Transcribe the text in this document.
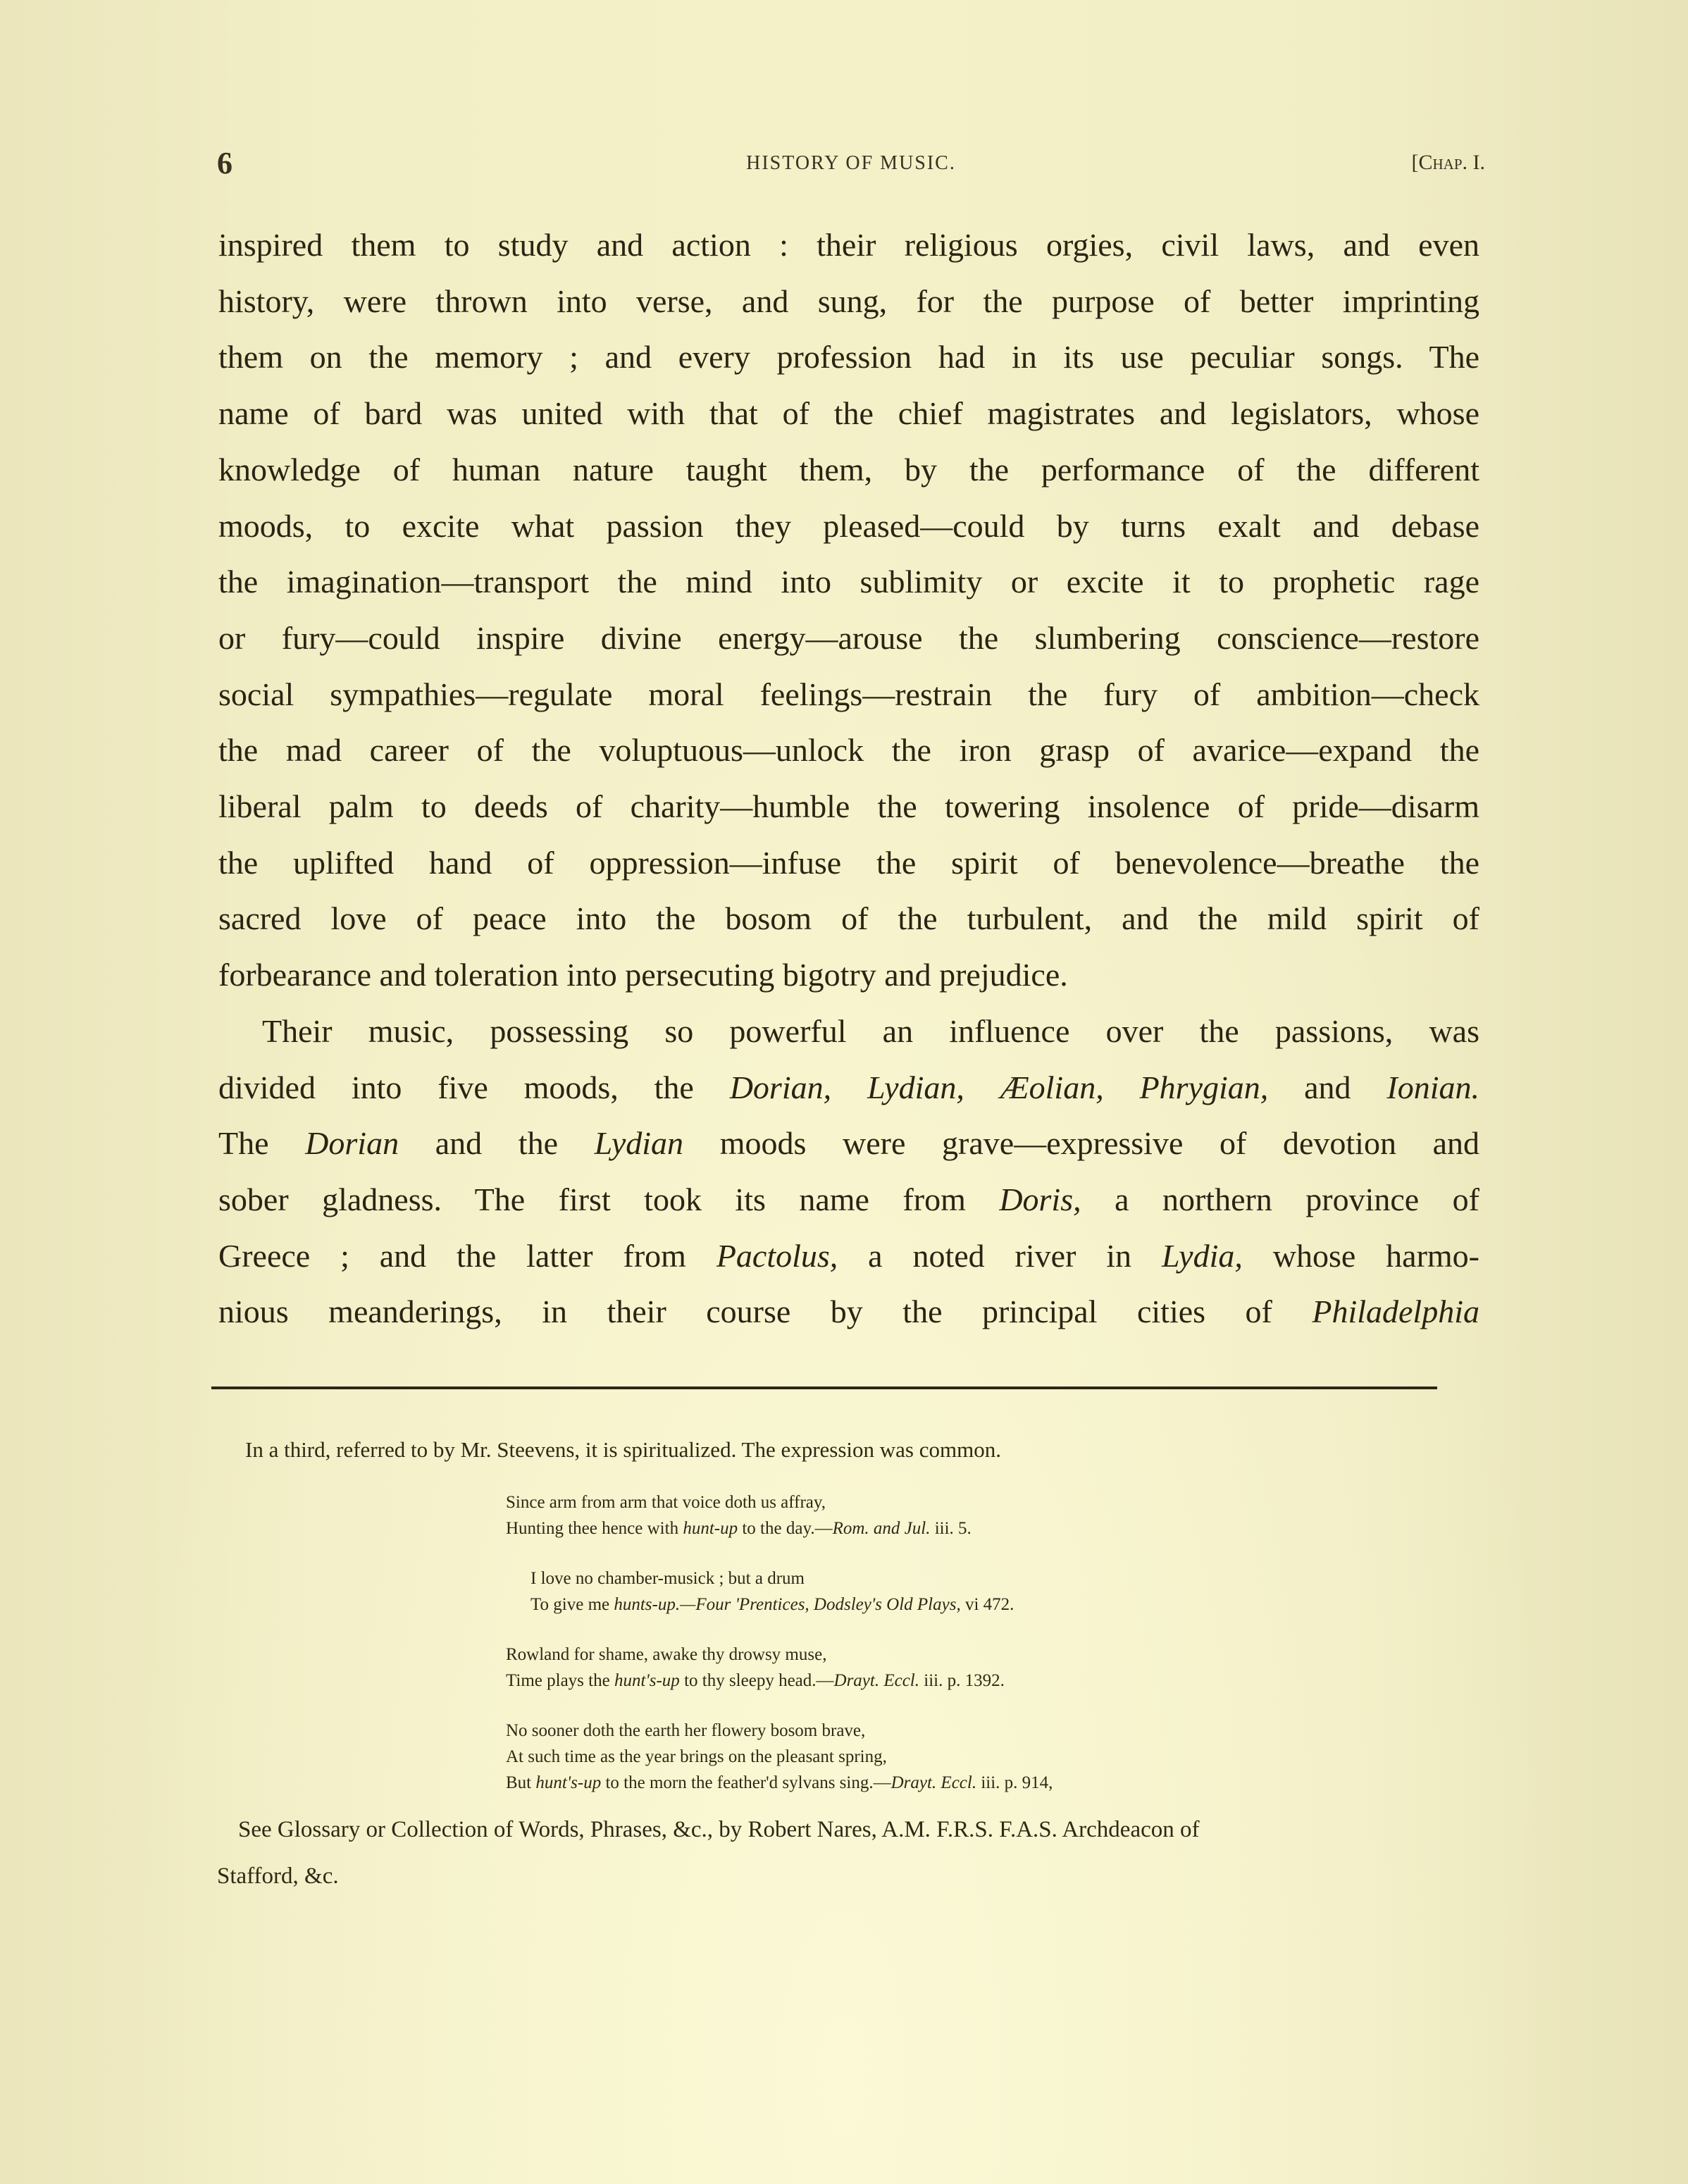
6	HISTORY OF MUSIC.	[Chap. I.

inspired them to study and action : their religious orgies, civil laws, and even
history, were thrown into verse, and sung, for the purpose of better imprinting
them on the memory ; and every profession had in its use peculiar songs. The
name of bard was united with that of the chief magistrates and legislators, whose
knowledge of human nature taught them, by the performance of the different
moods, to excite what passion they pleased—could by turns exalt and debase
the imagination—transport the mind into sublimity or excite it to prophetic rage
or fury—could inspire divine energy—arouse the slumbering conscience—restore
social sympathies—regulate moral feelings—restrain the fury of ambition—check
the mad career of the voluptuous—unlock the iron grasp of avarice—expand the
liberal palm to deeds of charity—humble the towering insolence of pride—disarm
the uplifted hand of oppression—infuse the spirit of benevolence—breathe the
sacred love of peace into the bosom of the turbulent, and the mild spirit of
forbearance and toleration into persecuting bigotry and prejudice.

Their music, possessing so powerful an influence over the passions, was
divided into five moods, the Dorian, Lydian, Æolian, Phrygian, and Ionian.
The Dorian and the Lydian moods were grave—expressive of devotion and
sober gladness. The first took its name from Doris, a northern province of
Greece ; and the latter from Pactolus, a noted river in Lydia, whose harmo-
nious meanderings, in their course by the principal cities of Philadelphia

In a third, referred to by Mr. Steevens, it is spiritualized. The expression was common.
Since arm from arm that voice doth us affray,
Hunting thee hence with hunt-up to the day.—Rom. and Jul. iii. 5.
I love no chamber-musick ; but a drum
To give me hunts-up.—Four 'Prentices, Dodsley's Old Plays, vi 472.
Rowland for shame, awake thy drowsy muse,
Time plays the hunt's-up to thy sleepy head.—Drayt. Eccl. iii. p. 1392.
No sooner doth the earth her flowery bosom brave,
At such time as the year brings on the pleasant spring,
But hunt's-up to the morn the feather'd sylvans sing.—Drayt. Eccl. iii. p. 914,
See Glossary or Collection of Words, Phrases, &c., by Robert Nares, A.M. F.R.S. F.A.S. Archdeacon of
Stafford, &c.
